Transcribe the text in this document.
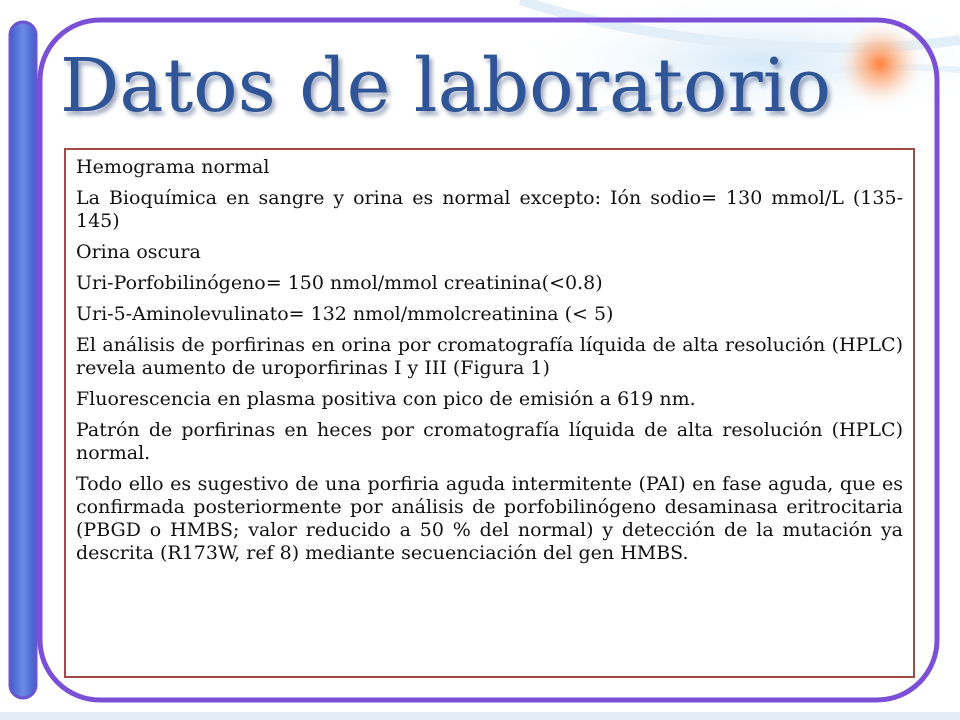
Datos de laboratorio

Hemograma normal

La Bioquímica en sangre y orina es normal excepto: Ión sodio= 130 mmol/L (135-145)

Orina oscura

Uri-Porfobilinógeno= 150 nmol/mmol creatinina(<0.8)

Uri-5-Aminolevulinato= 132 nmol/mmolcreatinina (< 5)

El análisis de porfirinas en orina por cromatografía líquida de alta resolución (HPLC) revela aumento de uroporfirinas I y III (Figura 1)

Fluorescencia en plasma positiva con pico de emisión a 619 nm.

Patrón de porfirinas en heces por cromatografía líquida de alta resolución (HPLC) normal.

Todo ello es sugestivo de una porfiria aguda intermitente (PAI) en fase aguda, que es confirmada posteriormente por análisis de porfobilinógeno desaminasa eritrocitaria (PBGD o HMBS; valor reducido a 50 % del normal) y detección de la mutación ya descrita (R173W, ref 8) mediante secuenciación del gen HMBS.
